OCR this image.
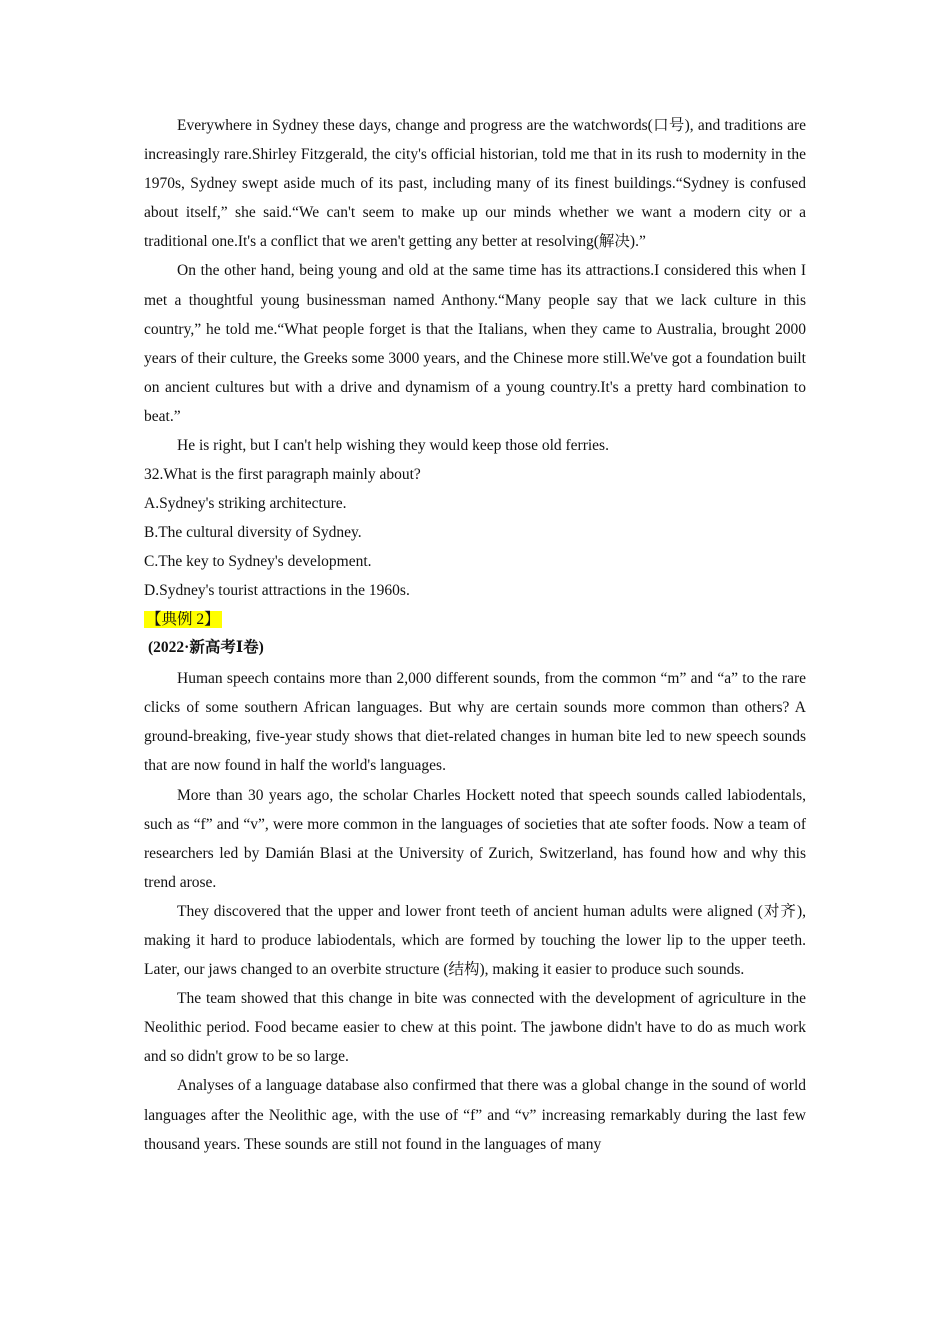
Everywhere in Sydney these days, change and progress are the watchwords(口号), and traditions are increasingly rare.Shirley Fitzgerald, the city's official historian, told me that in its rush to modernity in the 1970s, Sydney swept aside much of its past, including many of its finest buildings.“Sydney is confused about itself,” she said.“We can't seem to make up our minds whether we want a modern city or a traditional one.It's a conflict that we aren't getting any better at resolving(解决).”

On the other hand, being young and old at the same time has its attractions.I considered this when I met a thoughtful young businessman named Anthony.“Many people say that we lack culture in this country,” he told me.“What people forget is that the Italians, when they came to Australia, brought 2000 years of their culture, the Greeks some 3000 years, and the Chinese more still.We've got a foundation built on ancient cultures but with a drive and dynamism of a young country.It's a pretty hard combination to beat.”

He is right, but I can't help wishing they would keep those old ferries.

32.What is the first paragraph mainly about?

A.Sydney's striking architecture.

B.The cultural diversity of Sydney.

C.The key to Sydney's development.

D.Sydney's tourist attractions in the 1960s.

【典例 2】

(2022·新高考Ⅰ卷)

Human speech contains more than 2,000 different sounds, from the common “m” and “a” to the rare clicks of some southern African languages. But why are certain sounds more common than others? A ground-breaking, five-year study shows that diet-related changes in human bite led to new speech sounds that are now found in half the world's languages.

More than 30 years ago, the scholar Charles Hockett noted that speech sounds called labiodentals, such as “f” and “v”, were more common in the languages of societies that ate softer foods. Now a team of researchers led by Damián Blasi at the University of Zurich, Switzerland, has found how and why this trend arose.

They discovered that the upper and lower front teeth of ancient human adults were aligned (对齐), making it hard to produce labiodentals, which are formed by touching the lower lip to the upper teeth. Later, our jaws changed to an overbite structure (结构), making it easier to produce such sounds.

The team showed that this change in bite was connected with the development of agriculture in the Neolithic period. Food became easier to chew at this point. The jawbone didn't have to do as much work and so didn't grow to be so large.

Analyses of a language database also confirmed that there was a global change in the sound of world languages after the Neolithic age, with the use of “f” and “v” increasing remarkably during the last few thousand years. These sounds are still not found in the languages of many
